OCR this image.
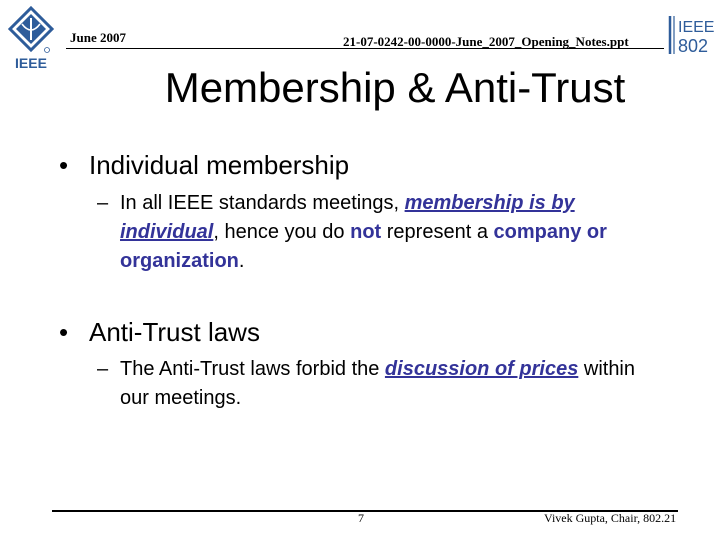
IEEE
June 2007	21-07-0242-00-0000-June_2007_Opening_Notes.ppt
IEEE
802
Membership & Anti-Trust
• Individual membership
– In all IEEE standards meetings, membership is by individual, hence you do not represent a company or organization.
• Anti-Trust laws
– The Anti-Trust laws forbid the discussion of prices within our meetings.
7	Vivek Gupta, Chair, 802.21
